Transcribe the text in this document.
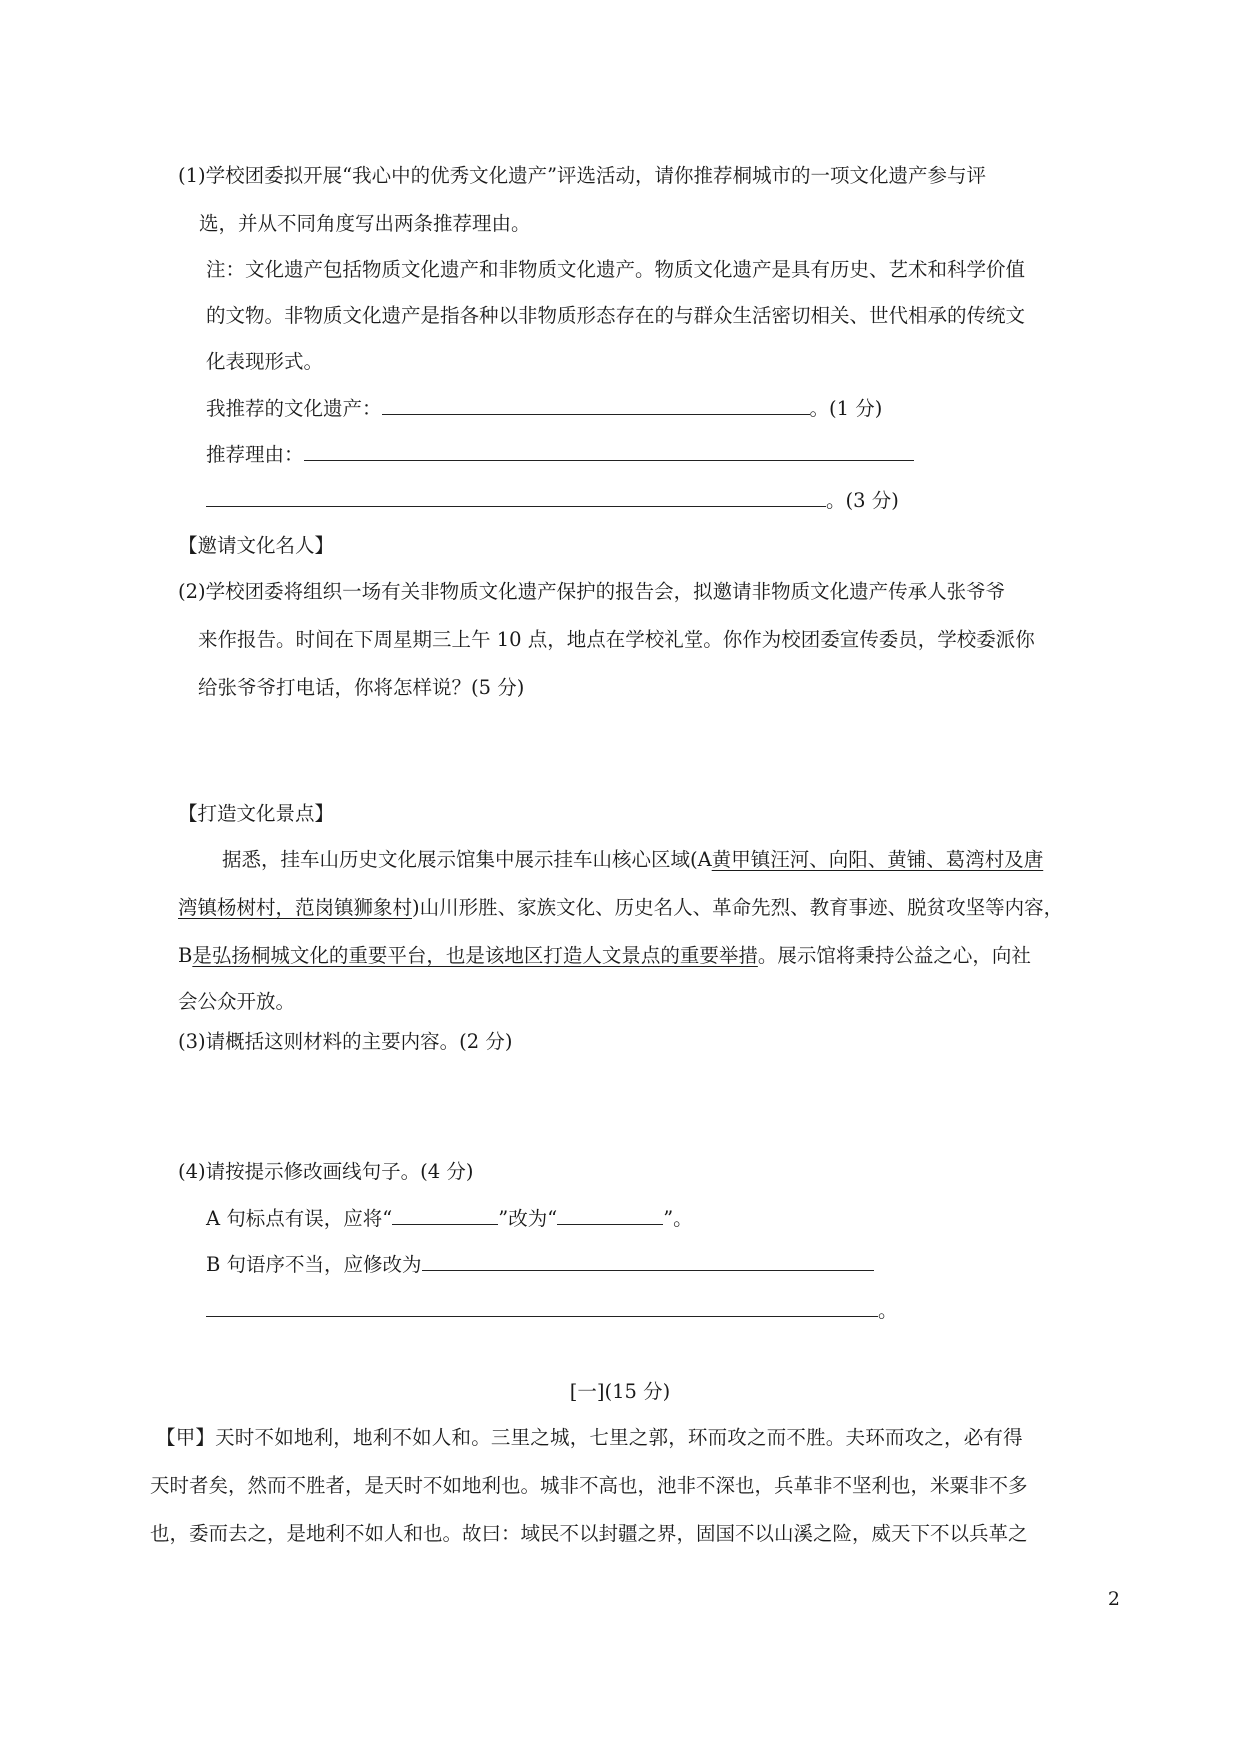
(1)学校团委拟开展“我心中的优秀文化遗产”评选活动，请你推荐桐城市的一项文化遗产参与评
选，并从不同角度写出两条推荐理由。
注：文化遗产包括物质文化遗产和非物质文化遗产。物质文化遗产是具有历史、艺术和科学价值
的文物。非物质文化遗产是指各种以非物质形态存在的与群众生活密切相关、世代相承的传统文
化表现形式。
我推荐的文化遗产：	。(1 分)
推荐理由：
。(3 分)
【邀请文化名人】
(2)学校团委将组织一场有关非物质文化遗产保护的报告会，拟邀请非物质文化遗产传承人张爷爷
来作报告。时间在下周星期三上午 10 点，地点在学校礼堂。你作为校团委宣传委员，学校委派你
给张爷爷打电话，你将怎样说？(5 分)
【打造文化景点】
据悉，挂车山历史文化展示馆集中展示挂车山核心区域(A黄甲镇汪河、向阳、黄铺、葛湾村及唐
湾镇杨树村，范岗镇狮象村)山川形胜、家族文化、历史名人、革命先烈、教育事迹、脱贫攻坚等内容，
B是弘扬桐城文化的重要平台，也是该地区打造人文景点的重要举措。展示馆将秉持公益之心，向社
会公众开放。
(3)请概括这则材料的主要内容。(2 分)
(4)请按提示修改画线句子。(4 分)
A 句标点有误，应将“	”改为“	”。
B 句语序不当，应修改为
。
[一](15 分)
【甲】天时不如地利，地利不如人和。三里之城，七里之郭，环而攻之而不胜。夫环而攻之，必有得
天时者矣，然而不胜者，是天时不如地利也。城非不高也，池非不深也，兵革非不坚利也，米粟非不多
也，委而去之，是地利不如人和也。故曰：域民不以封疆之界，固国不以山溪之险，威天下不以兵革之
2
